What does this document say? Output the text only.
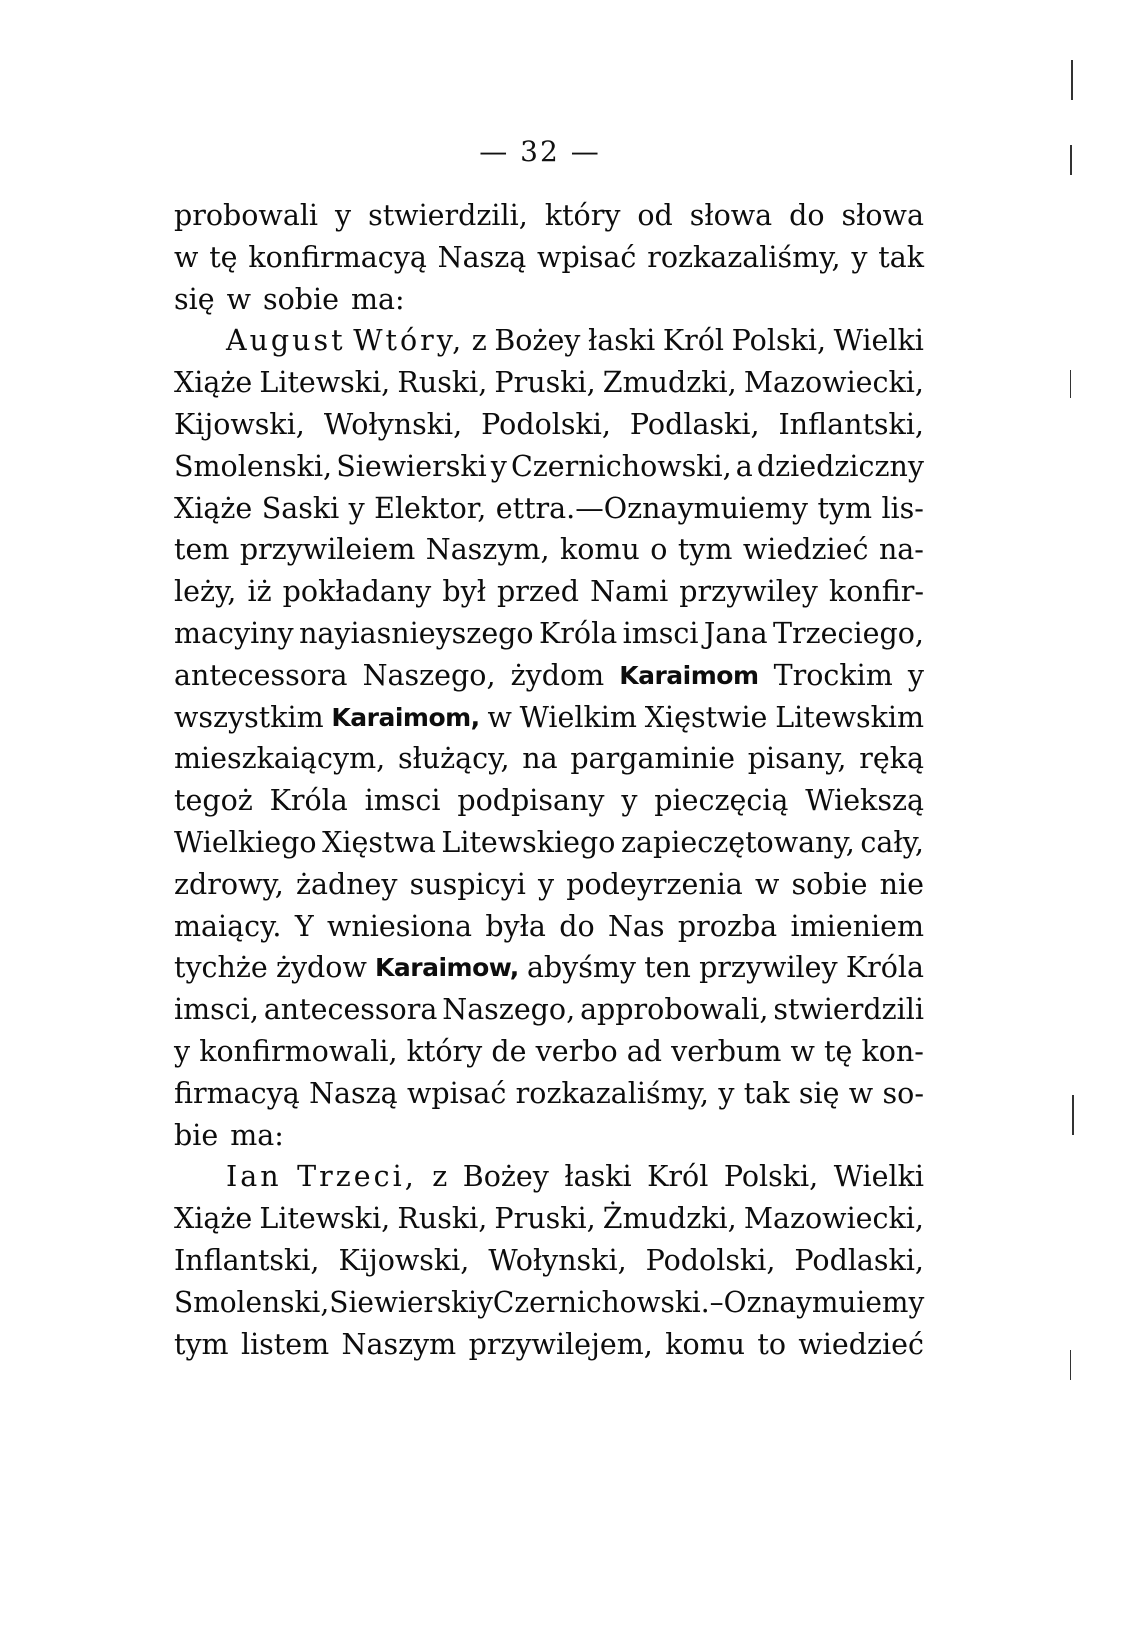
— 32 —
probowali y stwierdzili, który od słowa do słowa
w tę konfirmacyą Naszą wpisać rozkazaliśmy, y tak
się w sobie ma:
August Wtóry, z Bożey łaski Król Polski, Wielki
Xiąże Litewski, Ruski, Pruski, Zmudzki, Mazowiecki,
Kijowski, Wołynski, Podolski, Podlaski, Inflantski,
Smolenski, Siewierski y Czernichowski, a dziedziczny
Xiąże Saski y Elektor, ettra.—Oznaymuiemy tym lis-
tem przywileiem Naszym, komu o tym wiedzieć na-
leży, iż pokładany był przed Nami przywiley konfir-
macyiny nayiasnieyszego Króla imsci Jana Trzeciego,
antecessora Naszego, żydom Karaimom Trockim y
wszystkim Karaimom, w Wielkim Xięstwie Litewskim
mieszkaiącym, służący, na pargaminie pisany, ręką
tegoż Króla imsci podpisany y pieczęcią Wiekszą
Wielkiego Xięstwa Litewskiego zapieczętowany, cały,
zdrowy, żadney suspicyi y podeyrzenia w sobie nie
maiący. Y wniesiona była do Nas prozba imieniem
tychże żydow Karaimow, abyśmy ten przywiley Króla
imsci, antecessora Naszego, approbowali, stwierdzili
y konfirmowali, który de verbo ad verbum w tę kon-
firmacyą Naszą wpisać rozkazaliśmy, y tak się w so-
bie ma:
Ian Trzeci, z Bożey łaski Król Polski, Wielki
Xiąże Litewski, Ruski, Pruski, Żmudzki, Mazowiecki,
Inflantski, Kijowski, Wołynski, Podolski, Podlaski,
Smolenski, Siewierski y Czernichowski.–Oznaymuiemy
tym listem Naszym przywilejem, komu to wiedzieć
